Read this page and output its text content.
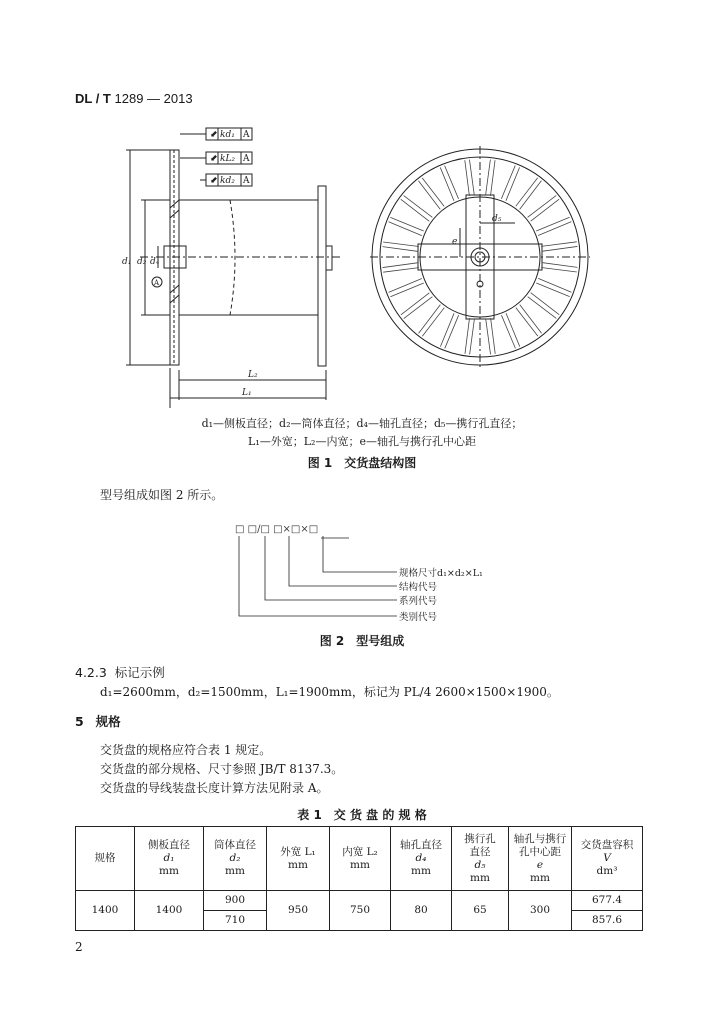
DL / T 1289 — 2013
⬋ kd₁ A
⬋ kL₂ A
⬋ kd₂ A
d₁ d₂ d₄
A
L₂
L₁
d₅
e
d₁—侧板直径；d₂—筒体直径；d₄—轴孔直径；d₅—携行孔直径；
L₁—外宽；L₂—内宽；e—轴孔与携行孔中心距
图 1　交货盘结构图
型号组成如图 2 所示。
□ □/□ □×□×□
规格尺寸d₁×d₂×L₁
结构代号
系列代号
类别代号
图 2　型号组成
4.2.3 标记示例
d₁=2600mm，d₂=1500mm，L₁=1900mm，标记为 PL/4 2600×1500×1900。
5 规格
交货盘的规格应符合表 1 规定。
交货盘的部分规格、尺寸参照 JB/T 8137.3。
交货盘的导线装盘长度计算方法见附录 A。
表 1　交 货 盘 的 规 格
规格	侧板直径
d₁
mm	筒体直径
d₂
mm	外宽 L₁
mm	内宽 L₂
mm	轴孔直径
d₄
mm	携行孔
直径
d₅
mm	轴孔与携行
孔中心距
e
mm	交货盘容积
V
dm³
1400	1400	900	950	750	80	65	300	677.4
		710						857.6
2
